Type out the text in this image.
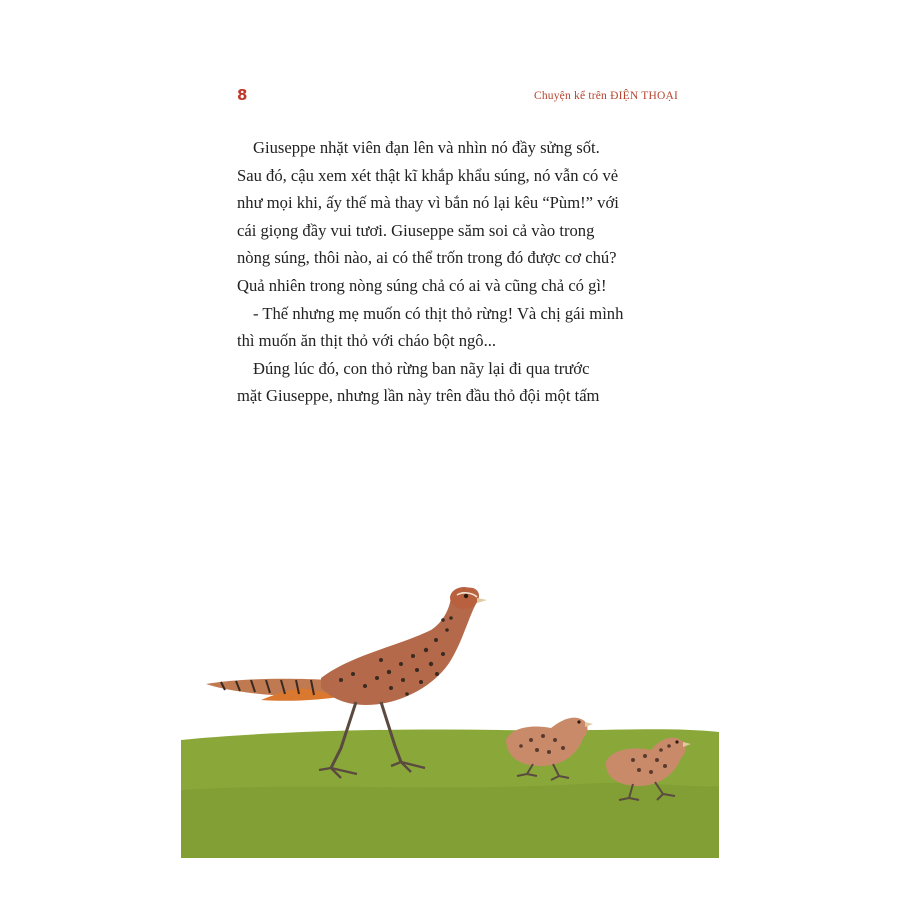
8	Chuyện kể trên ĐIỆN THOẠI

Giuseppe nhặt viên đạn lên và nhìn nó đầy sửng sốt.

Sau đó, cậu xem xét thật kĩ khắp khẩu súng, nó vẫn có vẻ
như mọi khi, ấy thế mà thay vì bắn nó lại kêu “Pùm!” với
cái giọng đầy vui tươi. Giuseppe săm soi cả vào trong
nòng súng, thôi nào, ai có thể trốn trong đó được cơ chú?
Quả nhiên trong nòng súng chả có ai và cũng chả có gì!

- Thế nhưng mẹ muốn có thịt thỏ rừng! Và chị gái mình

thì muốn ăn thịt thỏ với cháo bột ngô...

Đúng lúc đó, con thỏ rừng ban nãy lại đi qua trước

mặt Giuseppe, nhưng lần này trên đầu thỏ đội một tấm
